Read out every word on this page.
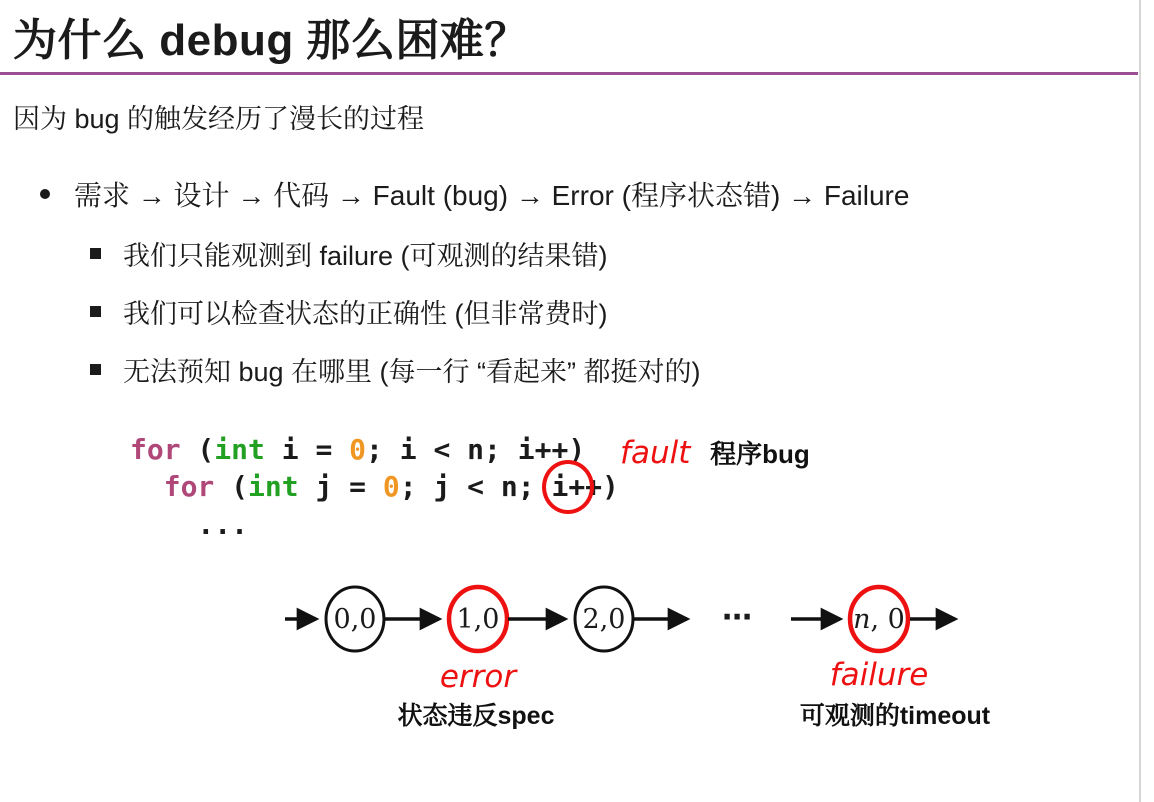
为什么 debug 那么困难？

因为 bug 的触发经历了漫长的过程

需求 → 设计 → 代码 → Fault (bug) → Error (程序状态错) → Failure
我们只能观测到 failure (可观测的结果错)
我们可以检查状态的正确性 (但非常费时)
无法预知 bug 在哪里 (每一行 “看起来” 都挺对的)
for (int i = 0; i < n; i++) fault 程序bug
for (int j = 0; j < n; i++)
...
0,0	1,0	2,0	⋯	n, 0
error
状态违反spec
failure
可观测的timeout
